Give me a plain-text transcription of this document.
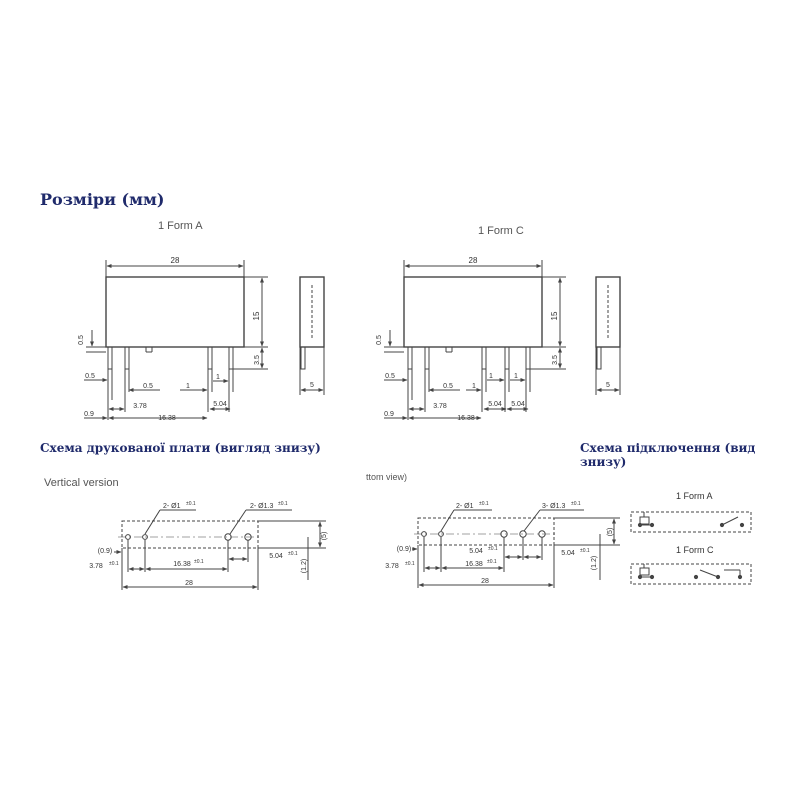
Розміри (мм)
1 Form A	1 Form C
Схема друкованої плати (вигляд знизу)	Схема підключення (вид знизу)
Vertical version	ttom view)
28
15
3.5
0.5
0.5
0.5	1
1
3.78	5.04
16.38
0.9
5
28
15
3.5
0.5
0.5
0.5	1
1	1
3.78	5.04 5.04
16.38
0.9
5
2- Ø1 ±0.1	2- Ø1.3 ±0.1
(5)
(1.2)
(0.9)
3.78 ±0.1	16.38 ±0.1
5.04 ±0.1
28
2- Ø1 ±0.1	3- Ø1.3 ±0.1
(5)
(1.2)
(0.9)
3.78 ±0.1	16.38 ±0.1
5.04 ±0.1
5.04 ±0.1
28
1 Form A
1 Form C
